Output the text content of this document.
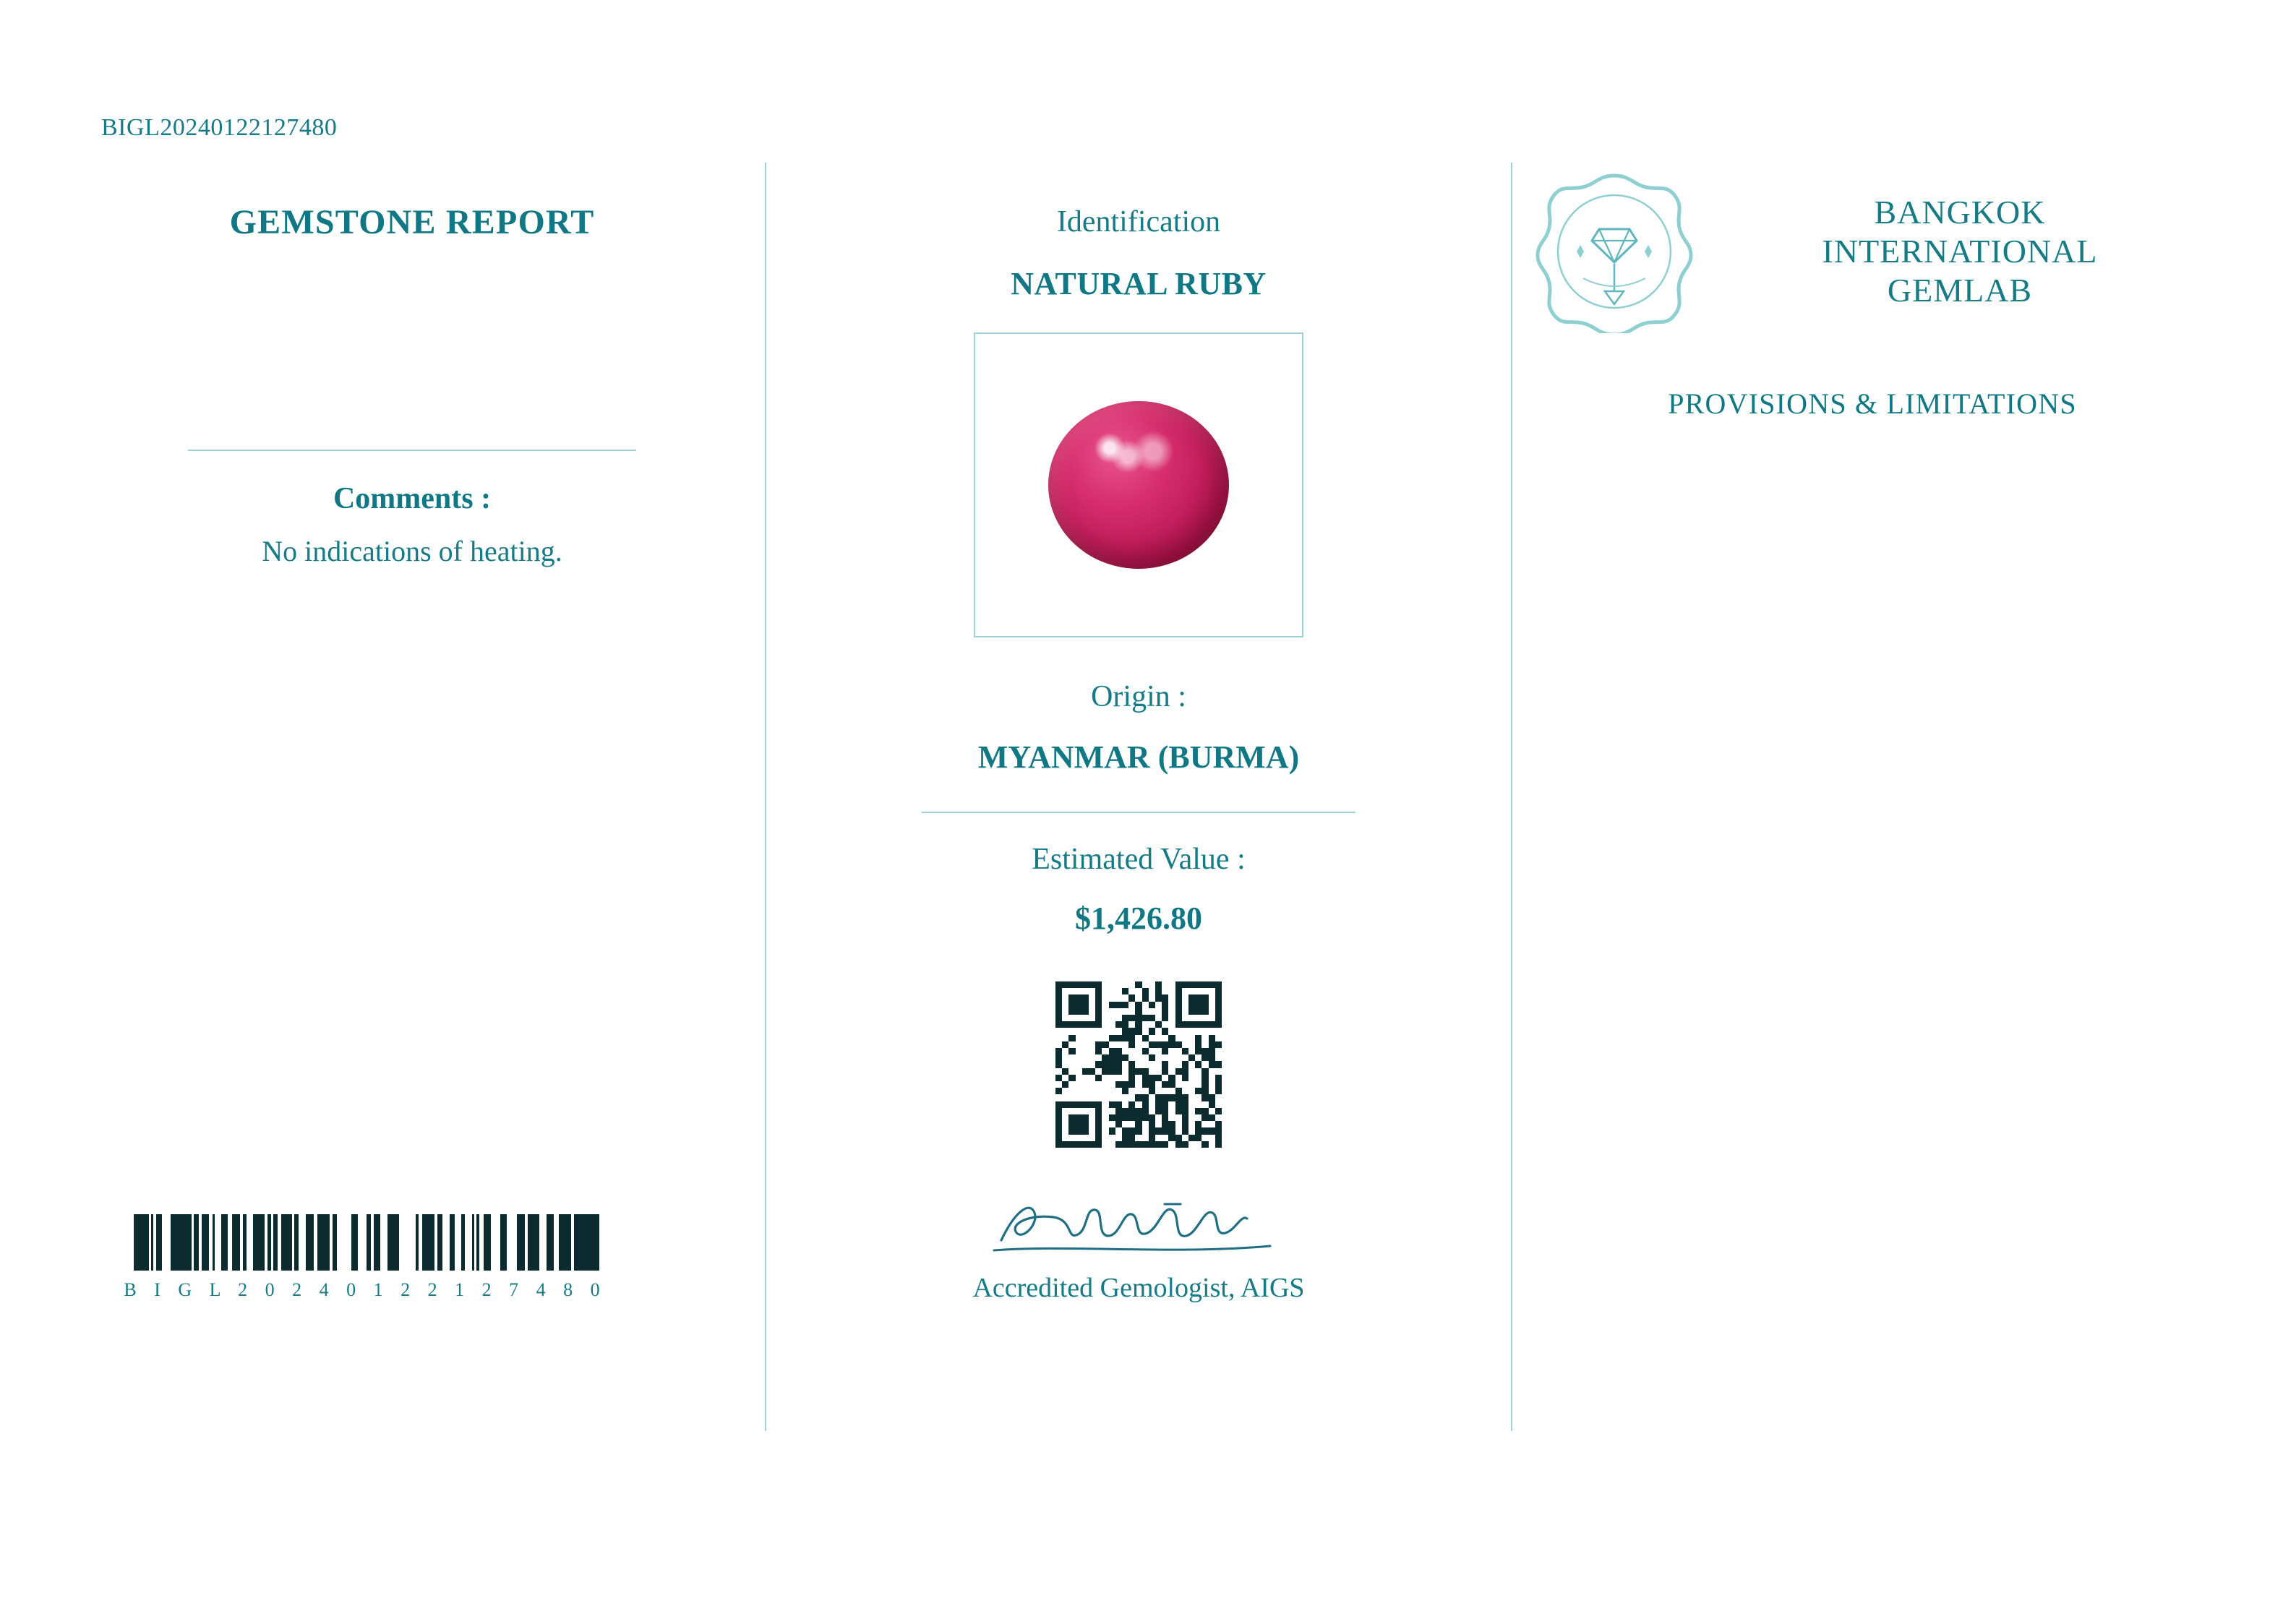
BIGL20240122127480
GEMSTONE REPORT

Comments :
No indications of heating.
B I G L 2 0 2 4 0 1 2 2 1 2 7 4 8 0
Identification
NATURAL RUBY
Origin :
MYANMAR (BURMA)
Estimated Value :
$1,426.80
Accredited Gemologist, AIGS
BANGKOK
INTERNATIONAL
GEMLAB
PROVISIONS & LIMITATIONS
